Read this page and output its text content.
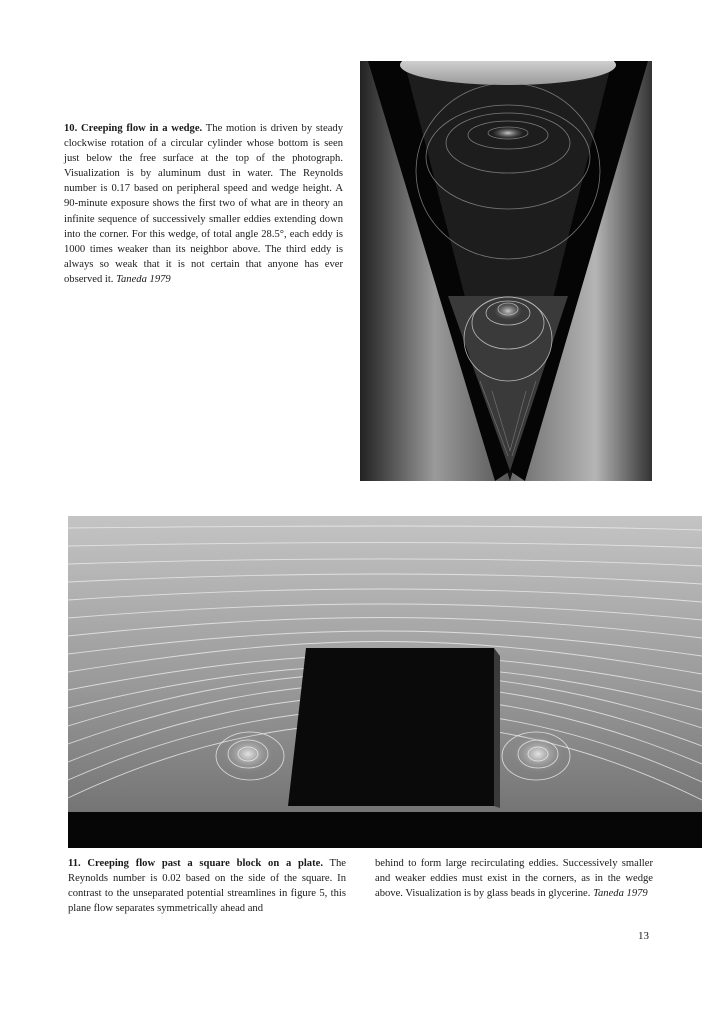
10. Creeping flow in a wedge. The motion is driven by steady clockwise rotation of a circular cylinder whose bottom is seen just below the free surface at the top of the photograph. Visualization is by aluminum dust in water. The Reynolds number is 0.17 based on peripheral speed and wedge height. A 90-minute exposure shows the first two of what are in theory an infinite sequence of successively smaller eddies extending down into the corner. For this wedge, of total angle 28.5°, each eddy is 1000 times weaker than its neighbor above. The third eddy is always so weak that it is not certain that anyone has ever observed it. Taneda 1979
11. Creeping flow past a square block on a plate. The Reynolds number is 0.02 based on the side of the square. In contrast to the unseparated potential streamlines in figure 5, this plane flow separates symmetrically ahead and
behind to form large recirculating eddies. Successively smaller and weaker eddies must exist in the corners, as in the wedge above. Visualization is by glass beads in glycerine. Taneda 1979
13
